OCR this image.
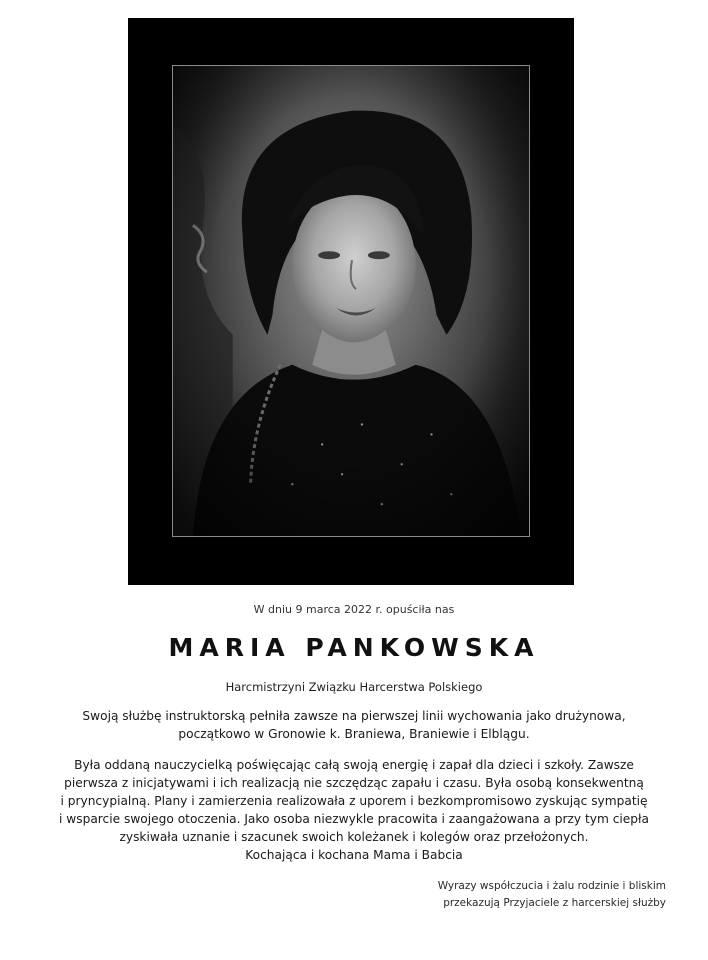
W dniu 9 marca 2022 r. opuściła nas
MARIA PANKOWSKA
Harcmistrzyni Związku Harcerstwa Polskiego
Swoją służbę instruktorską pełniła zawsze na pierwszej linii wychowania jako drużynowa,
początkowo w Gronowie k. Braniewa, Braniewie i Elblągu.
Była oddaną nauczycielką poświęcając całą swoją energię i zapał dla dzieci i szkoły. Zawsze
pierwsza z inicjatywami i ich realizacją nie szczędząc zapału i czasu. Była osobą konsekwentną
i pryncypialną. Plany i zamierzenia realizowała z uporem i bezkompromisowo zyskując sympatię
i wsparcie swojego otoczenia. Jako osoba niezwykle pracowita i zaangażowana a przy tym ciepła
zyskiwała uznanie i szacunek swoich koleżanek i kolegów oraz przełożonych.
Kochająca i kochana Mama i Babcia
Wyrazy współczucia i żalu rodzinie i bliskim
przekazują Przyjaciele z harcerskiej służby
